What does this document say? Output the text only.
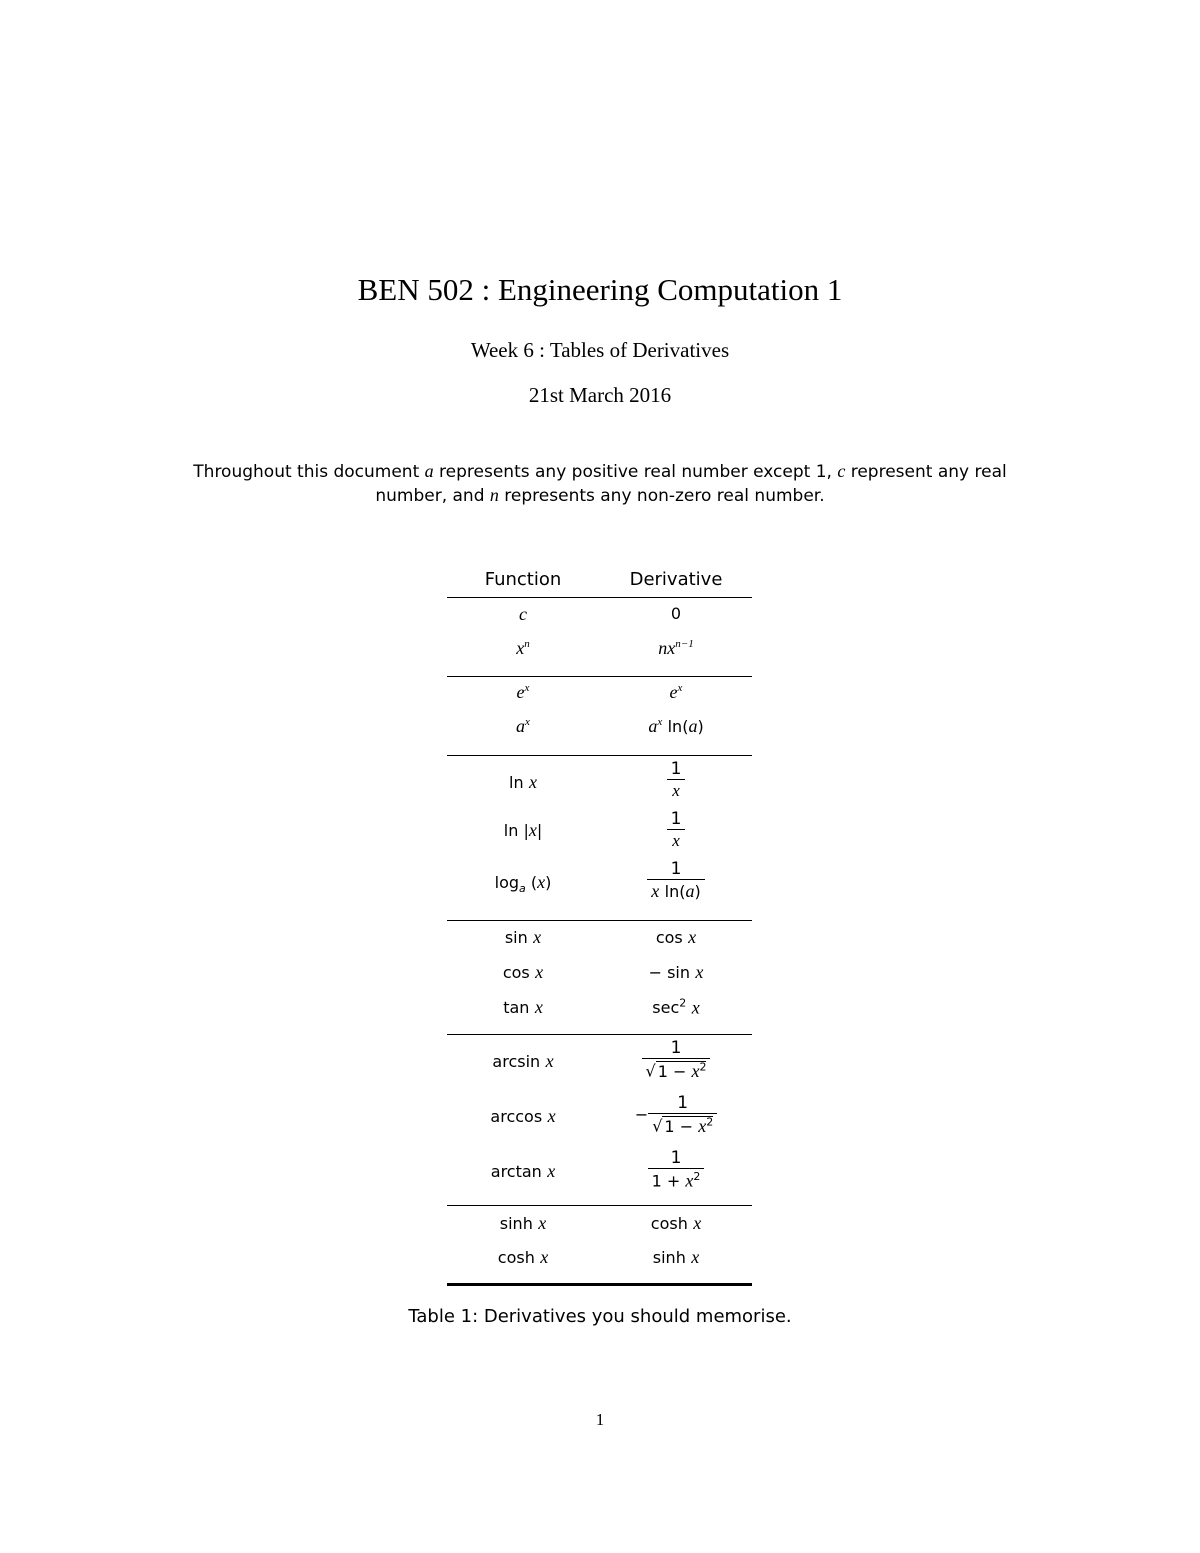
BEN 502 : Engineering Computation 1
Week 6 : Tables of Derivatives
21st March 2016
Throughout this document a represents any positive real number except 1, c represent any real number, and n represents any non-zero real number.
Function	Derivative
c	0
$x^n$	$nx^{n-1}$
$e^x$	$e^x$
$a^x$	$a^x$ ln(a)
ln x	$\frac{1}{x}$
ln |x|	$\frac{1}{x}$
$\log_a (x)$	$\frac{1}{\text{x ln(a)}}$
sin x	cos x
cos x	− sin x
tan x	$\sec^2 x$
arcsin x	$\frac{1}{√ 1 - x^2}$
arccos x	− $\frac{1}{√ 1 - x^2}$
arctan x	$\frac{1}{1 + x^2}$
sinh x	cosh x
cosh x	sinh x
Table 1: Derivatives you should memorise.
1
